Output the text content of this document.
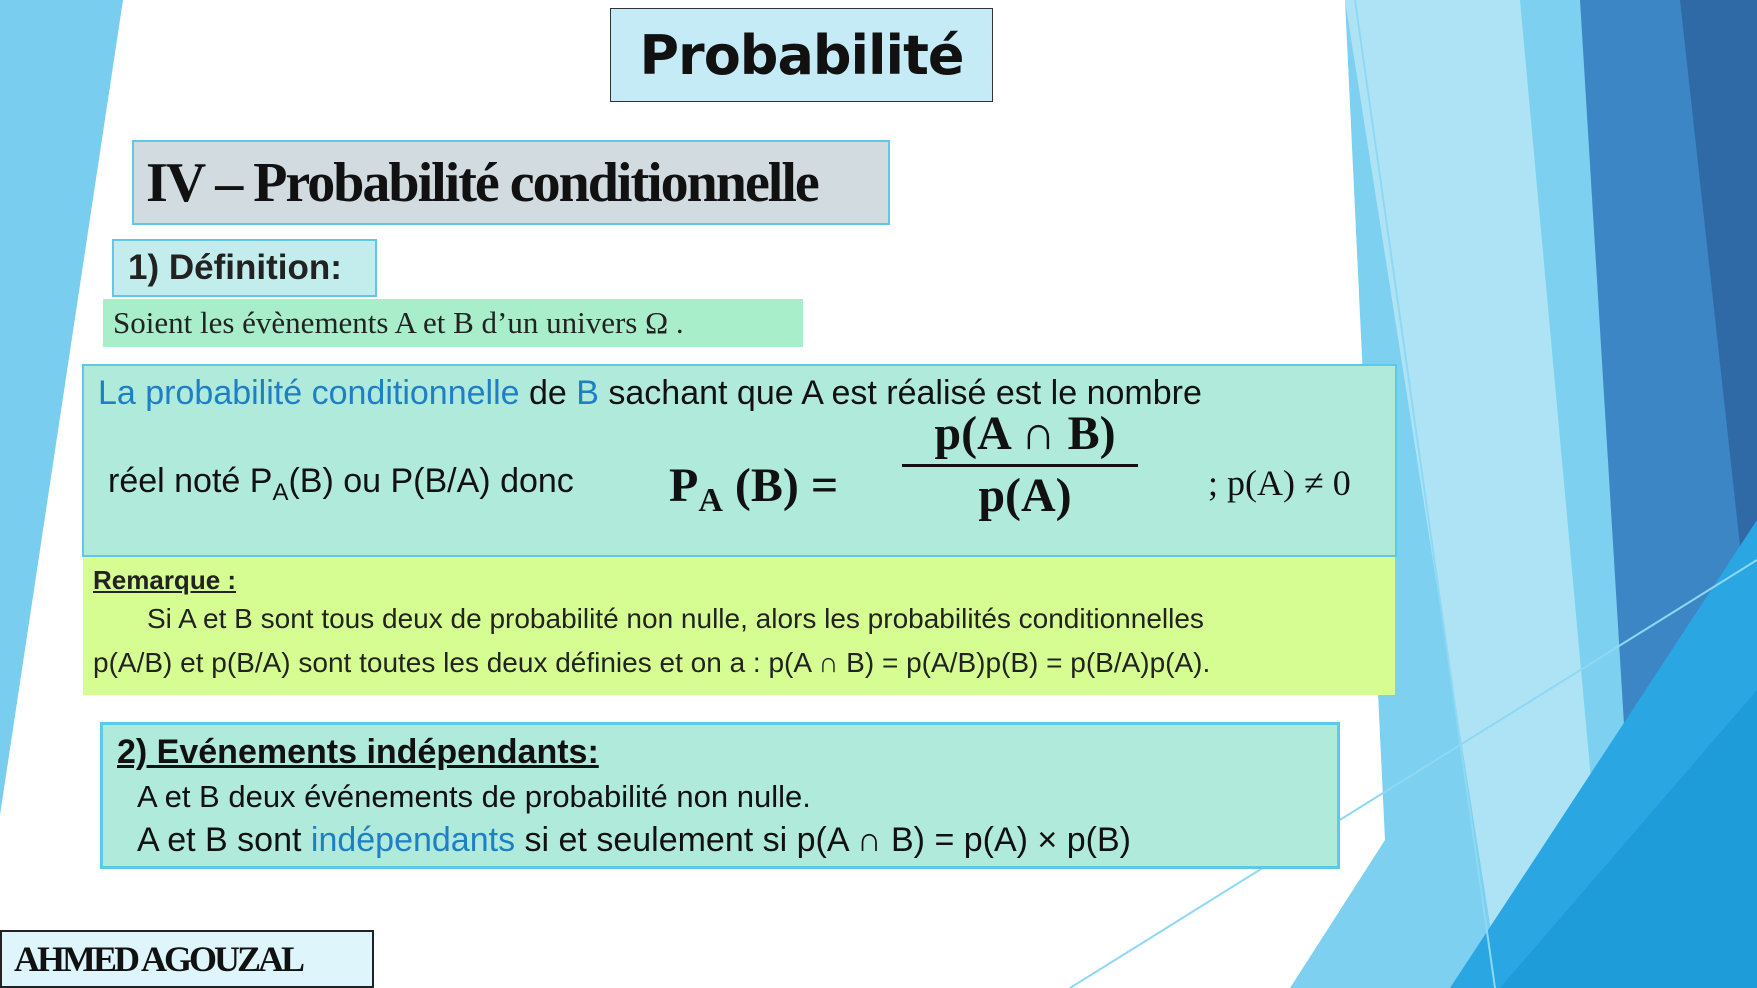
Probabilité
IV – Probabilité conditionnelle
1) Définition:
Soient les évènements A et B d’un univers Ω .
La probabilité conditionnelle de B sachant que A est réalisé est le nombre
réel noté $P_A(B)$ ou P(B/A) donc $P_A$ (B) =
p(A ∩ B)
p(A)	; p(A) ≠ 0
Remarque :
Si A et B sont tous deux de probabilité non nulle, alors les probabilités conditionnelles
p(A/B) et p(B/A) sont toutes les deux définies et on a : p(A ∩ B) = p(A/B)p(B) = p(B/A)p(A).
2) Evénements indépendants:
A et B deux événements de probabilité non nulle.
A et B sont indépendants si et seulement si p(A ∩ B) = p(A) × p(B)
AHMED AGOUZAL
